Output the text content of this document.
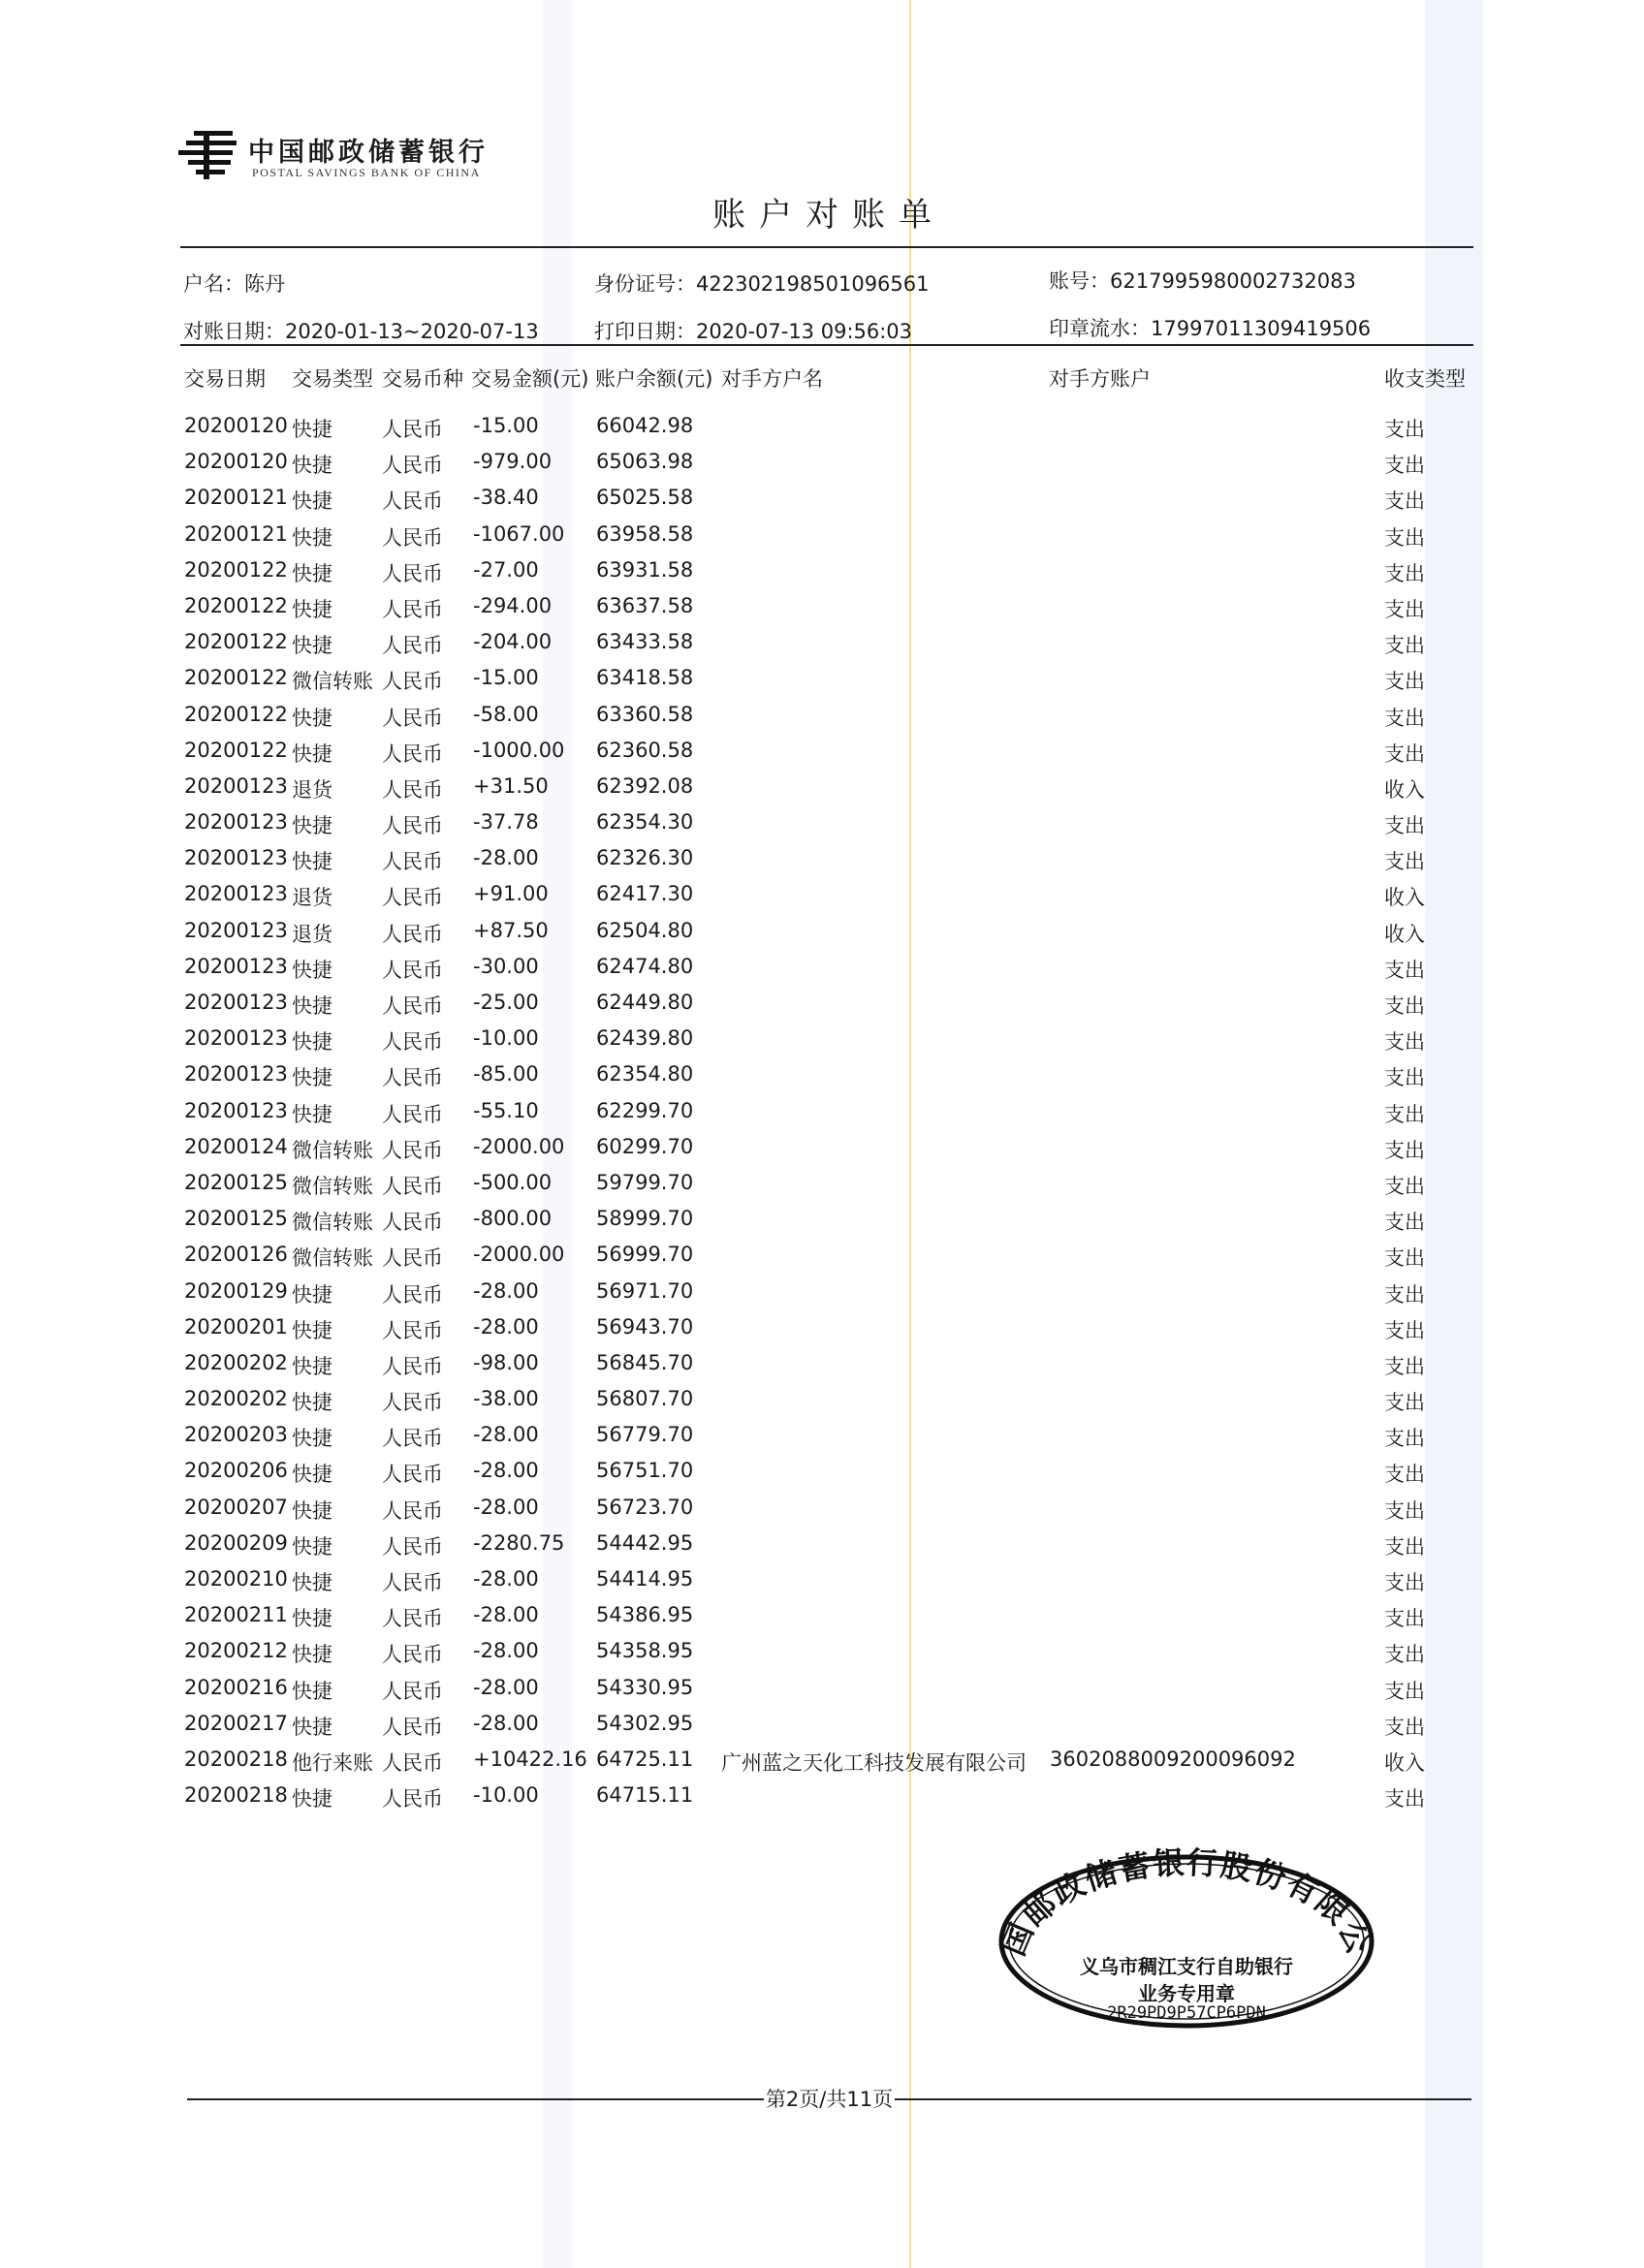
中国邮政储蓄银行
POSTAL SAVINGS BANK OF CHINA
账户对账单
户名：陈丹	身份证号：422302198501096561	账号：6217995980002732083
对账日期：2020-01-13~2020-07-13	打印日期：2020-07-13 09:56:03	印章流水：17997011309419506
交易日期 交易类型 交易币种 交易金额(元) 账户余额(元) 对手方户名	对手方账户	收支类型
20200120 快捷 人民币 -15.00	66042.98	支出
20200120 快捷 人民币 -979.00 65063.98	支出
20200121 快捷 人民币 -38.40	65025.58	支出
20200121 快捷 人民币 -1067.00 63958.58	支出
20200122 快捷 人民币 -27.00	63931.58	支出
20200122 快捷 人民币 -294.00 63637.58	支出
20200122 快捷 人民币 -204.00 63433.58	支出
20200122 微信转账 人民币 -15.00	63418.58	支出
20200122 快捷 人民币 -58.00	63360.58	支出
20200122 快捷 人民币 -1000.00 62360.58	支出
20200123 退货 人民币 +31.50 62392.08	收入
20200123 快捷 人民币 -37.78	62354.30	支出
20200123 快捷 人民币 -28.00	62326.30	支出
20200123 退货 人民币 +91.00 62417.30	收入
20200123 退货 人民币 +87.50 62504.80	收入
20200123 快捷 人民币 -30.00	62474.80	支出
20200123 快捷 人民币 -25.00	62449.80	支出
20200123 快捷 人民币 -10.00	62439.80	支出
20200123 快捷 人民币 -85.00	62354.80	支出
20200123 快捷 人民币 -55.10	62299.70	支出
20200124 微信转账 人民币 -2000.00 60299.70	支出
20200125 微信转账 人民币 -500.00 59799.70	支出
20200125 微信转账 人民币 -800.00 58999.70	支出
20200126 微信转账 人民币 -2000.00 56999.70	支出
20200129 快捷 人民币 -28.00	56971.70	支出
20200201 快捷 人民币 -28.00	56943.70	支出
20200202 快捷 人民币 -98.00	56845.70	支出
20200202 快捷 人民币 -38.00	56807.70	支出
20200203 快捷 人民币 -28.00	56779.70	支出
20200206 快捷 人民币 -28.00	56751.70	支出
20200207 快捷 人民币 -28.00	56723.70	支出
20200209 快捷 人民币 -2280.75 54442.95	支出
20200210 快捷 人民币 -28.00	54414.95	支出
20200211 快捷 人民币 -28.00	54386.95	支出
20200212 快捷 人民币 -28.00	54358.95	支出
20200216 快捷 人民币 -28.00	54330.95	支出
20200217 快捷 人民币 -28.00	54302.95	支出
20200218 他行来账 人民币 +10422.16 64725.11 广州蓝之天化工科技发展有限公司 3602088009200096092	收入
20200218 快捷 人民币 -10.00	64715.11	支出
国邮政储蓄银行股份有限公
义乌市稠江支行自助银行
业务专用章
2R29PD9P57CP6PDN
第2页/共11页
